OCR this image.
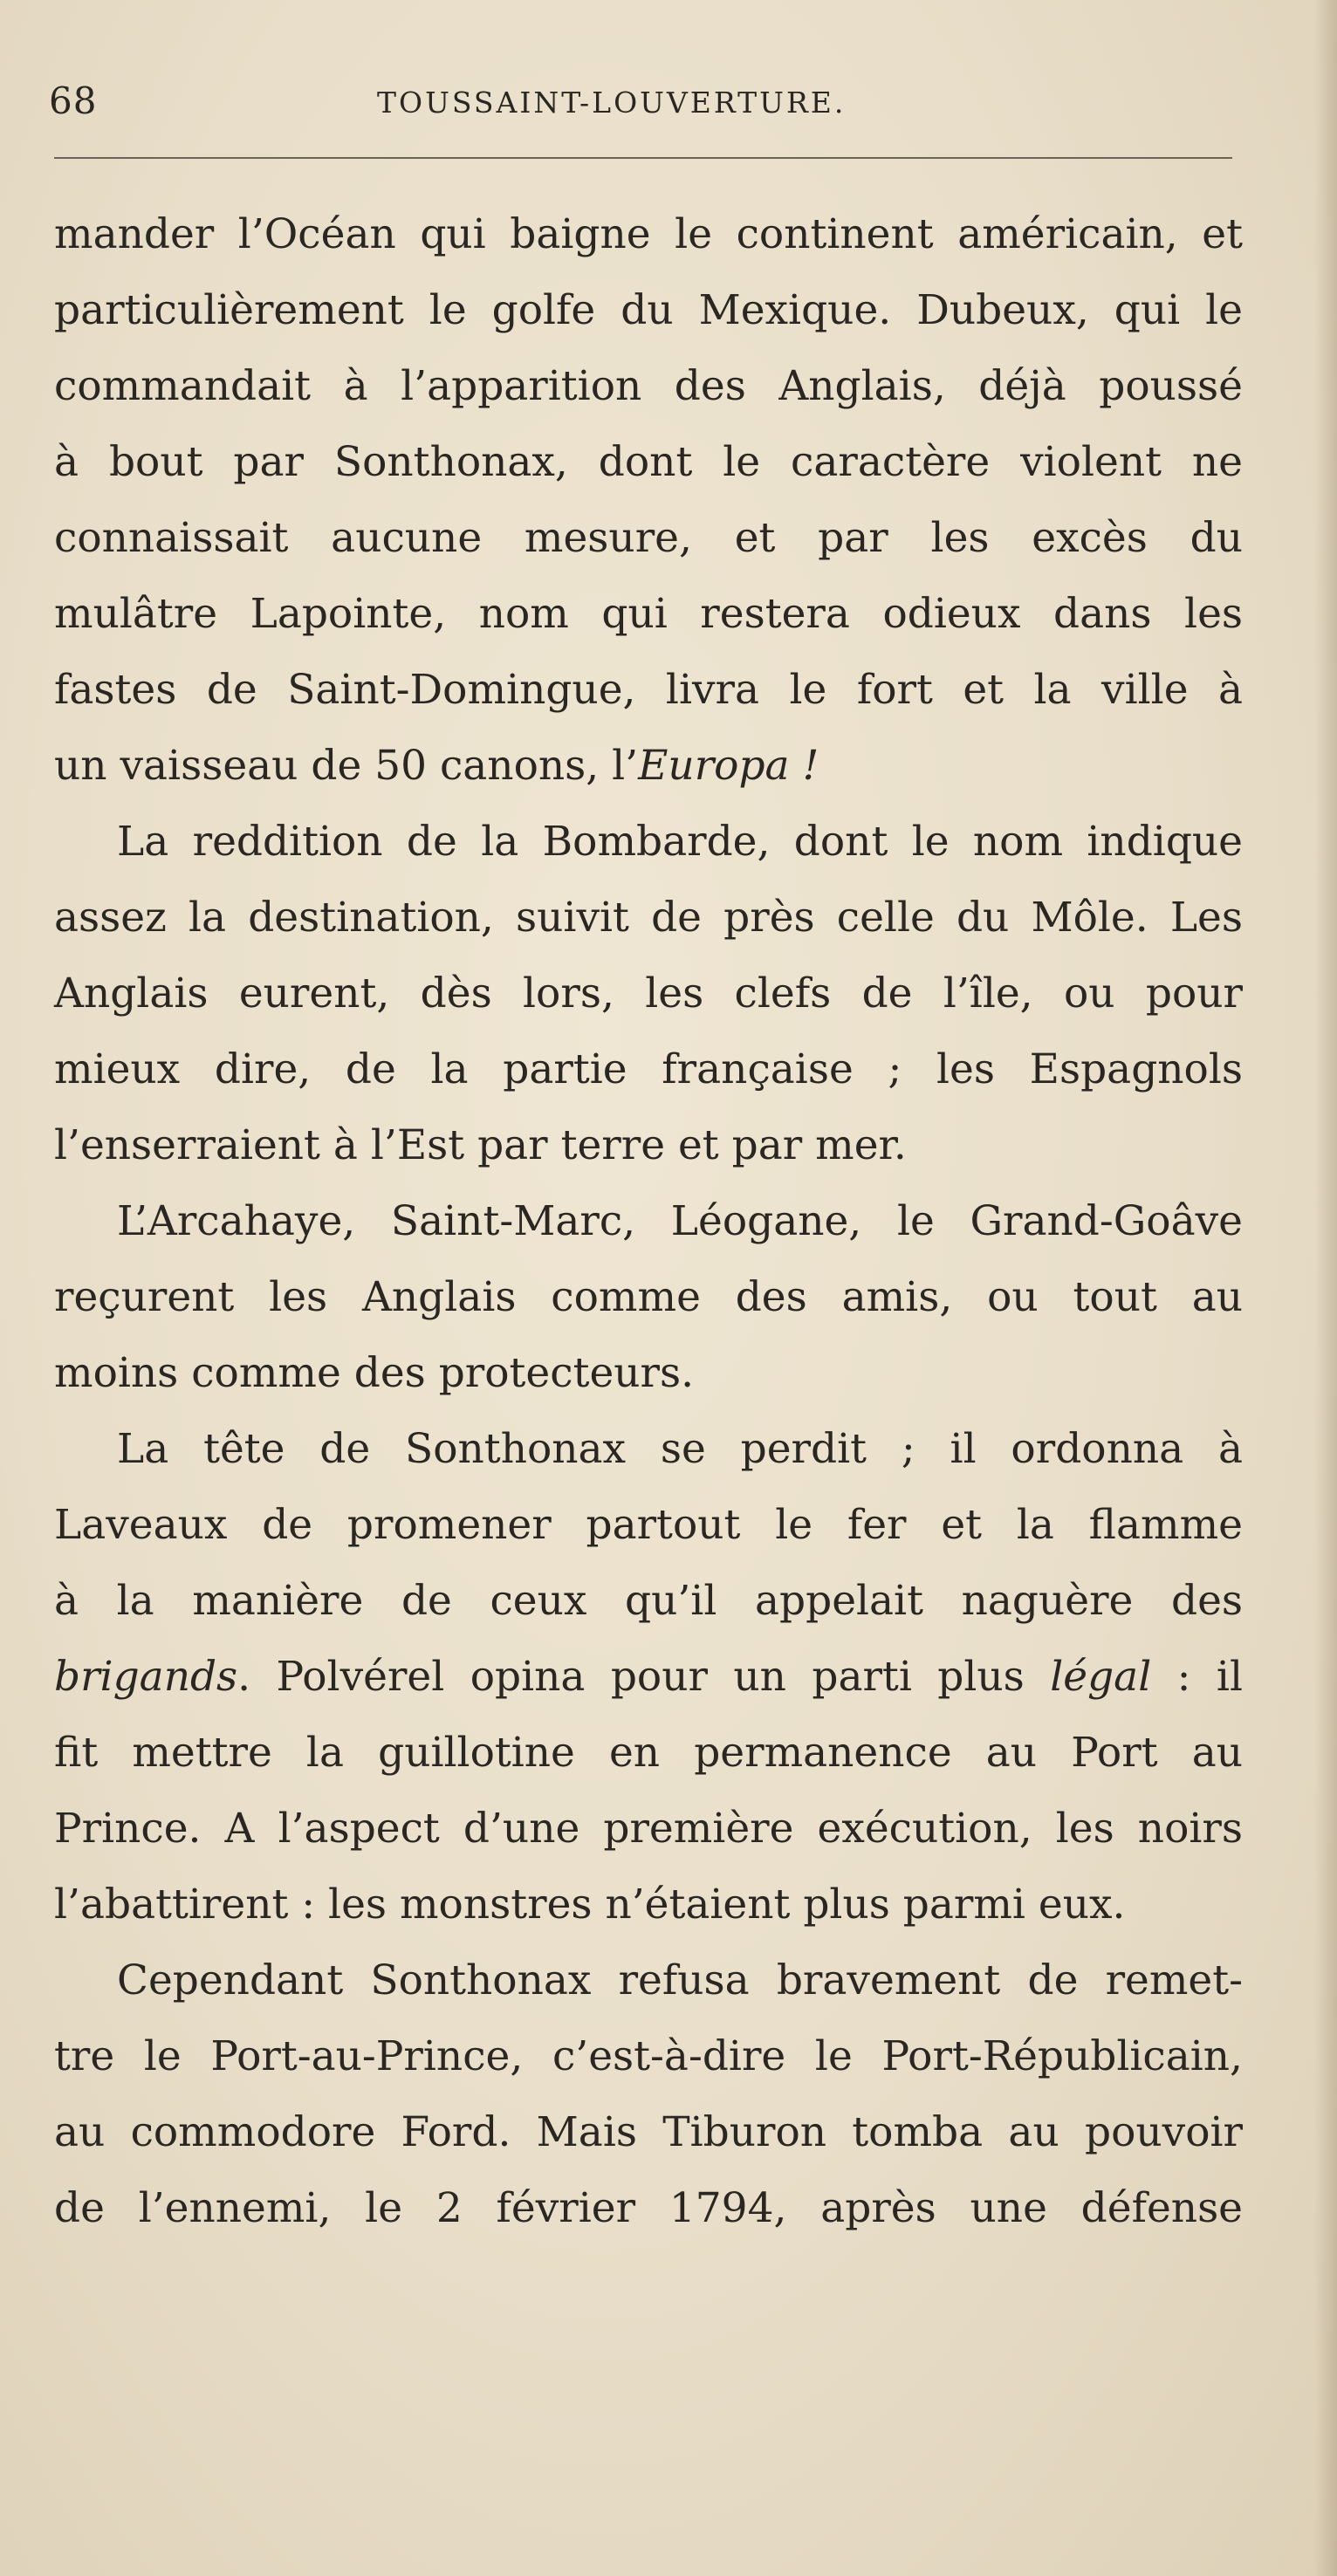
68	TOUSSAINT-LOUVERTURE.
mander l’Océan qui baigne le continent américain, et
particulièrement le golfe du Mexique. Dubeux, qui le
commandait à l’apparition des Anglais, déjà poussé
à bout par Sonthonax, dont le caractère violent ne
connaissait aucune mesure, et par les excès du
mulâtre Lapointe, nom qui restera odieux dans les
fastes de Saint-Domingue, livra le fort et la ville à
un vaisseau de 50 canons, l’Europa !
La reddition de la Bombarde, dont le nom indique
assez la destination, suivit de près celle du Môle. Les
Anglais eurent, dès lors, les clefs de l’île, ou pour
mieux dire, de la partie française ; les Espagnols
l’enserraient à l’Est par terre et par mer.
L’Arcahaye, Saint-Marc, Léogane, le Grand-Goâve
reçurent les Anglais comme des amis, ou tout au
moins comme des protecteurs.
La tête de Sonthonax se perdit ; il ordonna à
Laveaux de promener partout le fer et la flamme
à la manière de ceux qu’il appelait naguère des
brigands. Polvérel opina pour un parti plus légal : il
fit mettre la guillotine en permanence au Port au
Prince. A l’aspect d’une première exécution, les noirs
l’abattirent : les monstres n’étaient plus parmi eux.
Cependant Sonthonax refusa bravement de remet-
tre le Port-au-Prince, c’est-à-dire le Port-Républicain,
au commodore Ford. Mais Tiburon tomba au pouvoir
de l’ennemi, le 2 février 1794, après une défense
